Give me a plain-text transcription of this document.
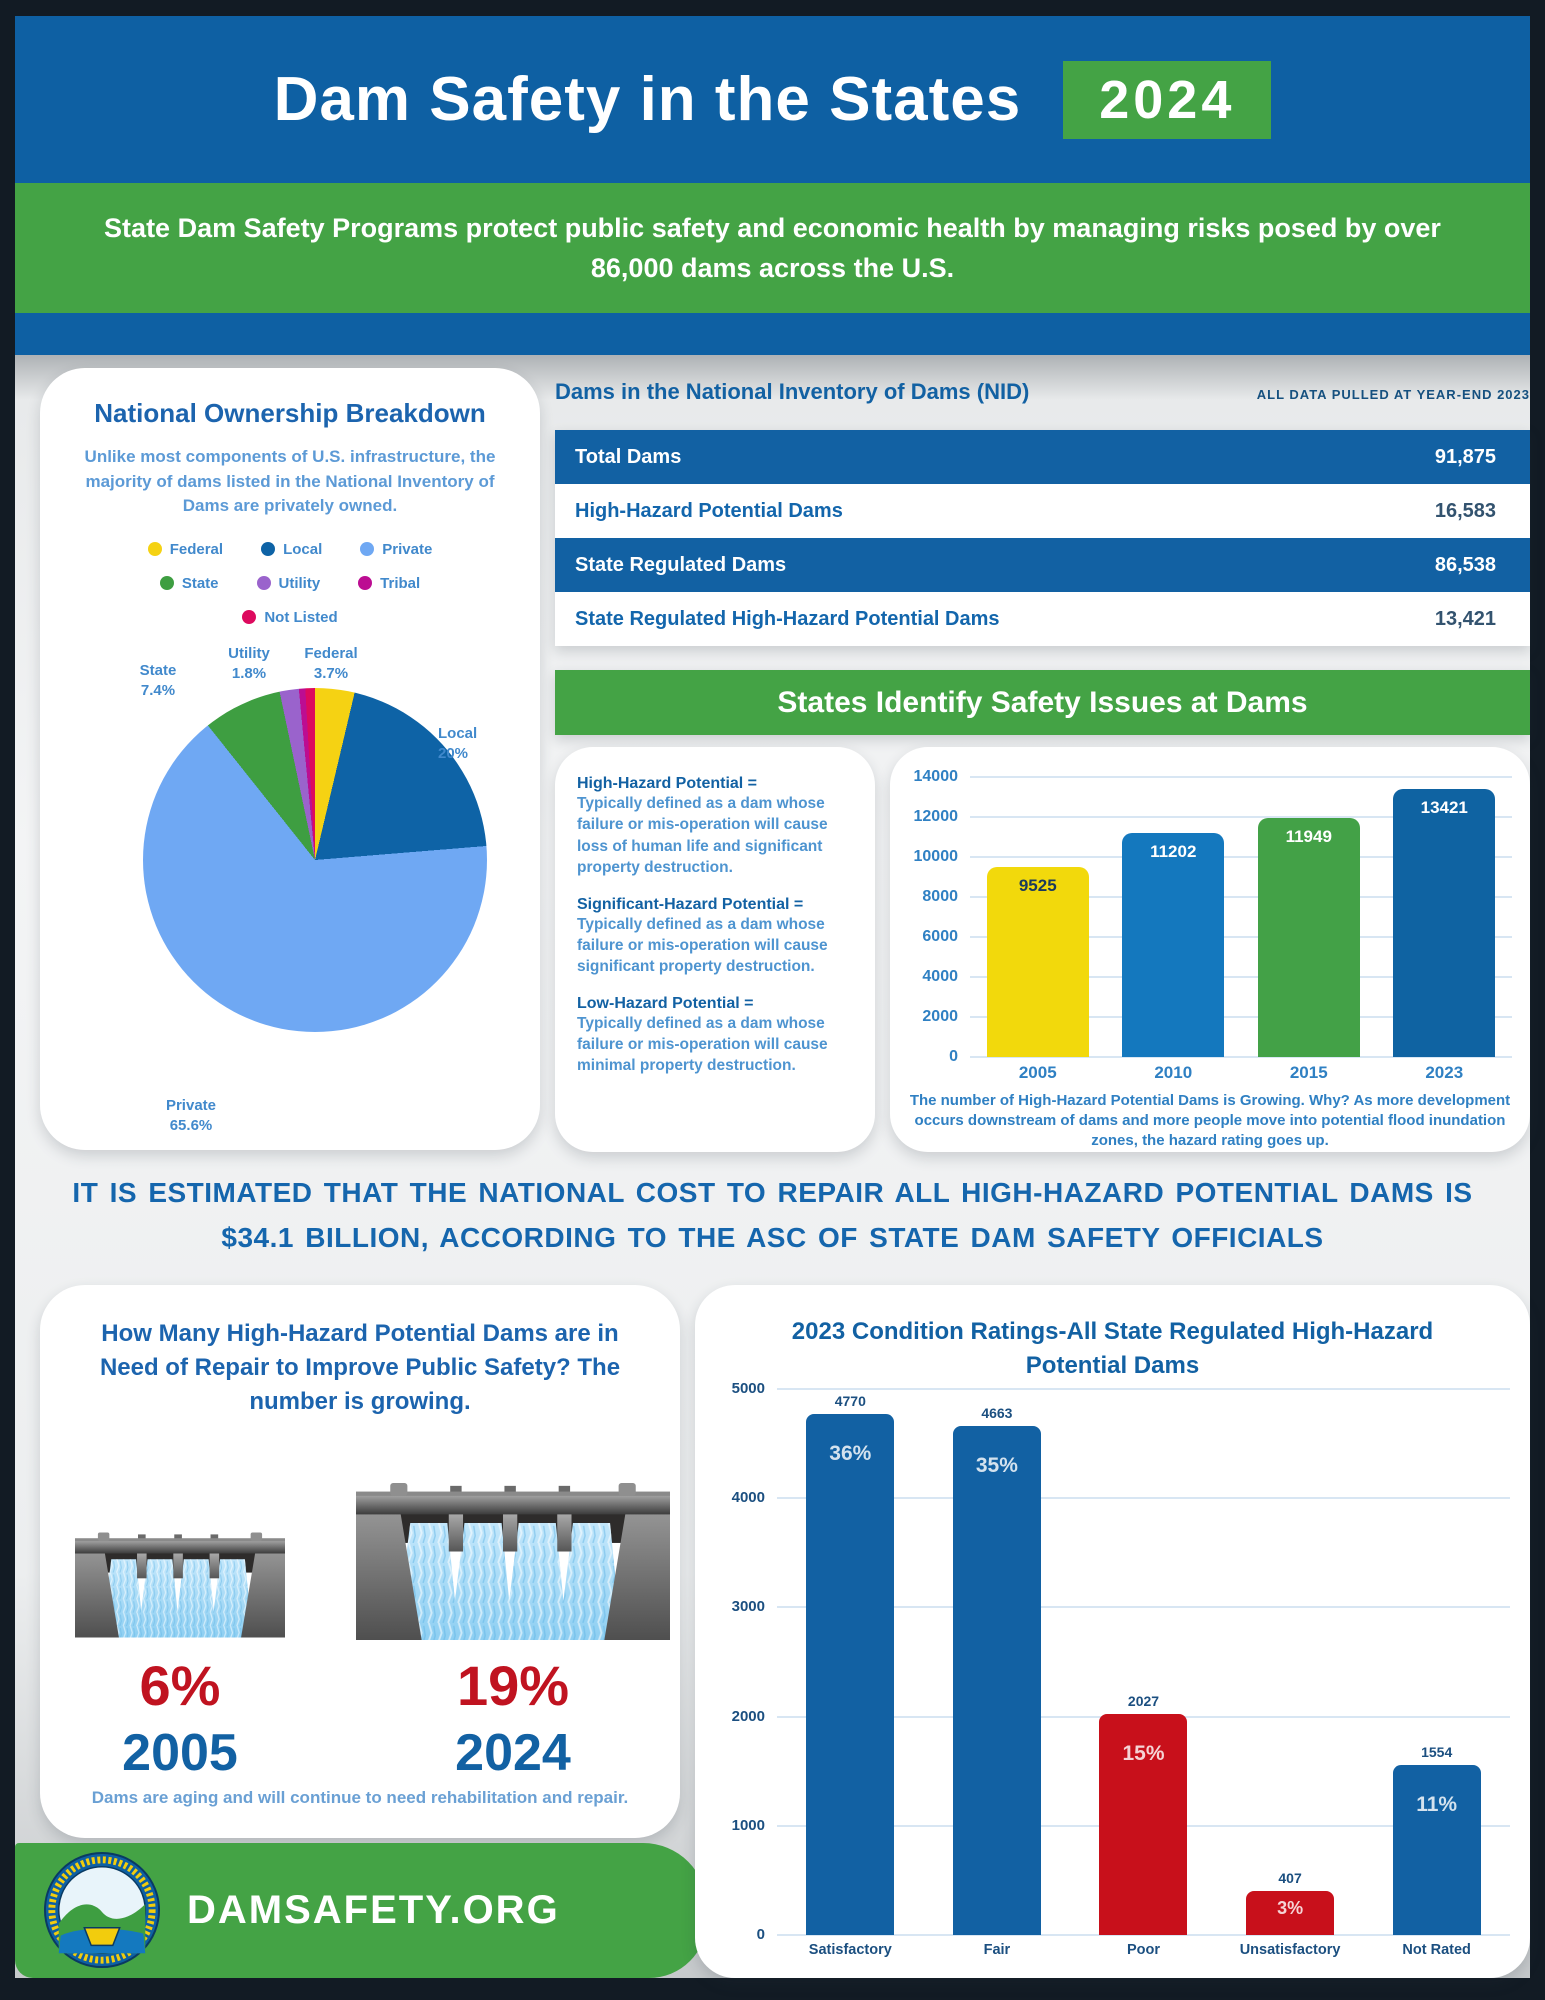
Dam Safety in the States	2024

State Dam Safety Programs protect public safety and economic health by managing risks posed by over 86,000 dams across the U.S.

National Ownership Breakdown

Unlike most components of U.S. infrastructure, the majority of dams listed in the National Inventory of Dams are privately owned.

Federal	Local	Private
State	Utility	Tribal
Not Listed
State
7.4%
Utility
1.8%
Federal
3.7%
Local
20%
Private
65.6%
Dams in the National Inventory of Dams (NID)	ALL DATA PULLED AT YEAR-END 2023
Total Dams	91,875
High-Hazard Potential Dams	16,583
State Regulated Dams	86,538
State Regulated High-Hazard Potential Dams	13,421
States Identify Safety Issues at Dams
High-Hazard Potential =
Typically defined as a dam whose failure or mis-operation will cause loss of human life and significant property destruction.
Significant-Hazard Potential =
Typically defined as a dam whose failure or mis-operation will cause significant property destruction.
Low-Hazard Potential =
Typically defined as a dam whose failure or mis-operation will cause minimal property destruction.
14000
12000
10000
8000
6000
4000
2000
0
9525
11202
11949
13421
2005	2010	2015	2023

The number of High-Hazard Potential Dams is Growing. Why? As more development occurs downstream of dams and more people move into potential flood inundation zones, the hazard rating goes up.

IT IS ESTIMATED THAT THE NATIONAL COST TO REPAIR ALL HIGH-HAZARD POTENTIAL DAMS IS $34.1 BILLION, ACCORDING TO THE ASC OF STATE DAM SAFETY OFFICIALS

How Many High-Hazard Potential Dams are in Need of Repair to Improve Public Safety? The number is growing.
6%	19%
2005	2024

Dams are aging and will continue to need rehabilitation and repair.

DAMSAFETY.ORG
2023 Condition Ratings-All State Regulated High-Hazard Potential Dams
5000
4000
3000
2000
1000
0
4770
36%
4663
35%
2027
15%
407
3%
1554
11%
Satisfactory	Fair	Poor	Unsatisfactory	Not Rated
